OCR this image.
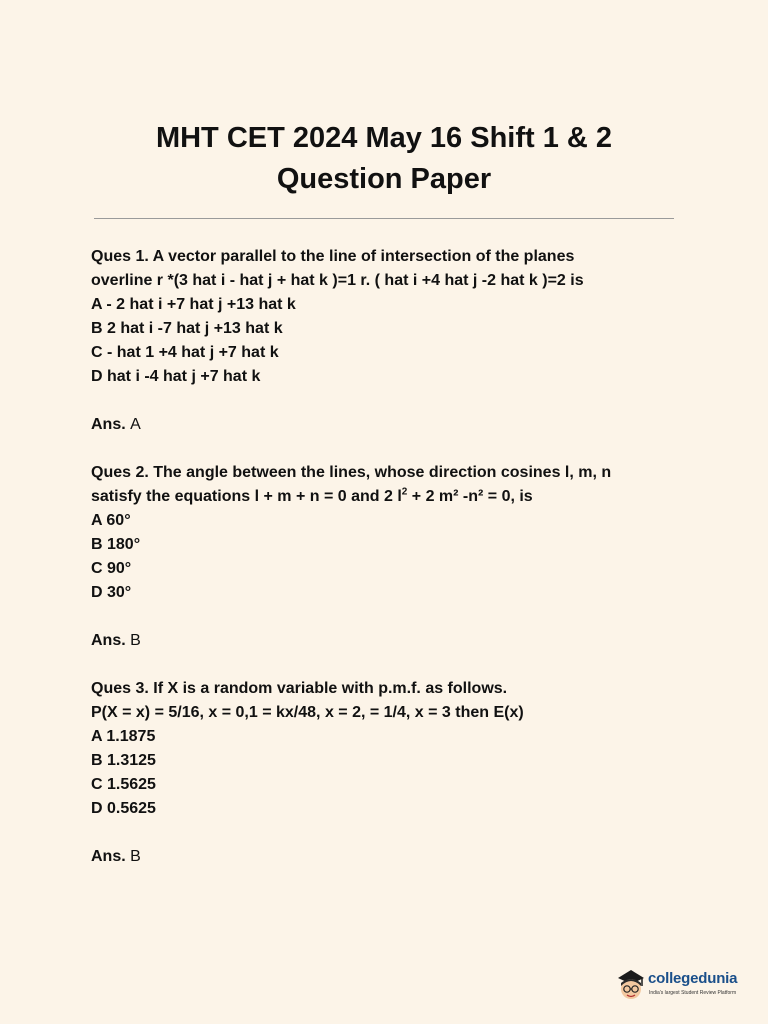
MHT CET 2024 May 16 Shift 1 & 2
Question Paper

Ques 1. A vector parallel to the line of intersection of the planes

overline r *(3 hat i - hat j + hat k )=1 r. ( hat i +4 hat j -2 hat k )=2 is

A - 2 hat i +7 hat j +13 hat k

B 2 hat i -7 hat j +13 hat k

C - hat 1 +4 hat j +7 hat k

D hat i -4 hat j +7 hat k

Ans. A

Ques 2. The angle between the lines, whose direction cosines l, m, n

satisfy the equations l + m + n = 0 and 2 $l^2 + 2$ m² -n² = 0, is

A 60°

B 180°

C 90°

D 30°

Ans. B

Ques 3. If X is a random variable with p.m.f. as follows.

P(X = x) = 5/16, x = 0,1 = kx/48, x = 2, = 1/4, x = 3 then E(x)

A 1.1875

B 1.3125

C 1.5625

D 0.5625

Ans. B

collegedunia
India's largest Student Review Platform
